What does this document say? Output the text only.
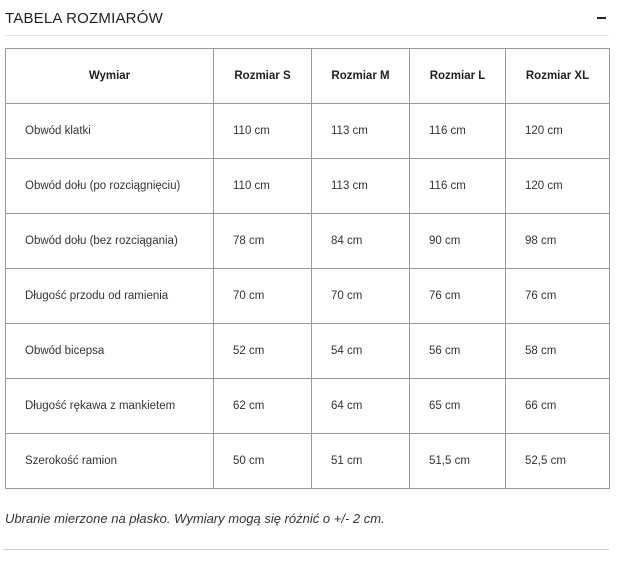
TABELA ROZMIARÓW
Wymiar	Rozmiar S	Rozmiar M	Rozmiar L	Rozmiar XL
Obwód klatki	110 cm	113 cm	116 cm	120 cm
Obwód dołu (po rozciągnięciu)	110 cm	113 cm	116 cm	120 cm
Obwód dołu (bez rozciągania)	78 cm	84 cm	90 cm	98 cm
Długość przodu od ramienia	70 cm	70 cm	76 cm	76 cm
Obwód bicepsa	52 cm	54 cm	56 cm	58 cm
Długość rękawa z mankietem	62 cm	64 cm	65 cm	66 cm
Szerokość ramion	50 cm	51 cm	51,5 cm	52,5 cm
Ubranie mierzone na płasko. Wymiary mogą się różnić o +/- 2 cm.
